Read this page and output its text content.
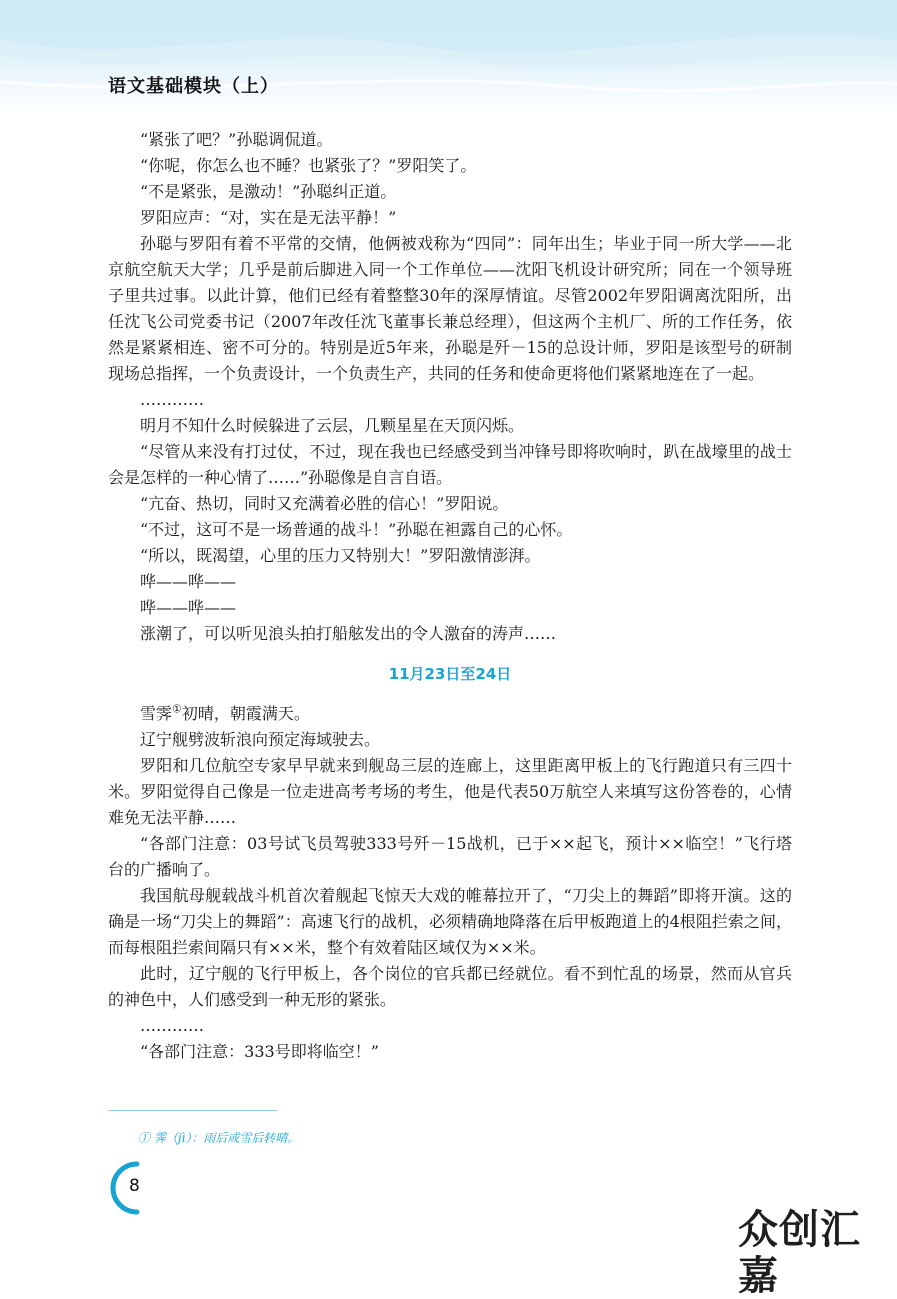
语文基础模块（上）

“紧张了吧？”孙聪调侃道。

“你呢，你怎么也不睡？也紧张了？”罗阳笑了。

“不是紧张，是激动！”孙聪纠正道。

罗阳应声：“对，实在是无法平静！”

孙聪与罗阳有着不平常的交情，他俩被戏称为“四同”：同年出生；毕业于同一所大学——北京航空航天大学；几乎是前后脚进入同一个工作单位——沈阳飞机设计研究所；同在一个领导班子里共过事。以此计算，他们已经有着整整30年的深厚情谊。尽管2002年罗阳调离沈阳所，出任沈飞公司党委书记（2007年改任沈飞董事长兼总经理），但这两个主机厂、所的工作任务，依然是紧紧相连、密不可分的。特别是近5年来，孙聪是歼－15的总设计师，罗阳是该型号的研制现场总指挥，一个负责设计，一个负责生产，共同的任务和使命更将他们紧紧地连在了一起。

…………

明月不知什么时候躲进了云层，几颗星星在天顶闪烁。

“尽管从来没有打过仗，不过，现在我也已经感受到当冲锋号即将吹响时，趴在战壕里的战士会是怎样的一种心情了……”孙聪像是自言自语。

“亢奋、热切，同时又充满着必胜的信心！”罗阳说。

“不过，这可不是一场普通的战斗！”孙聪在袒露自己的心怀。

“所以，既渴望，心里的压力又特别大！”罗阳激情澎湃。

哗——哗——

哗——哗——

涨潮了，可以听见浪头拍打船舷发出的令人激奋的涛声……

11月23日至24日

雪霁①初晴，朝霞满天。

辽宁舰劈波斩浪向预定海域驶去。

罗阳和几位航空专家早早就来到舰岛三层的连廊上，这里距离甲板上的飞行跑道只有三四十米。罗阳觉得自己像是一位走进高考考场的考生，他是代表50万航空人来填写这份答卷的，心情难免无法平静……

“各部门注意：03号试飞员驾驶333号歼－15战机，已于××起飞，预计××临空！”飞行塔台的广播响了。

我国航母舰载战斗机首次着舰起飞惊天大戏的帷幕拉开了，“刀尖上的舞蹈”即将开演。这的确是一场“刀尖上的舞蹈”：高速飞行的战机，必须精确地降落在后甲板跑道上的4根阻拦索之间，而每根阻拦索间隔只有××米，整个有效着陆区域仅为××米。

此时，辽宁舰的飞行甲板上，各个岗位的官兵都已经就位。看不到忙乱的场景，然而从官兵的神色中，人们感受到一种无形的紧张。

…………

“各部门注意：333号即将临空！”

① 霁（jì）：雨后或雪后转晴。
8
众创汇嘉
